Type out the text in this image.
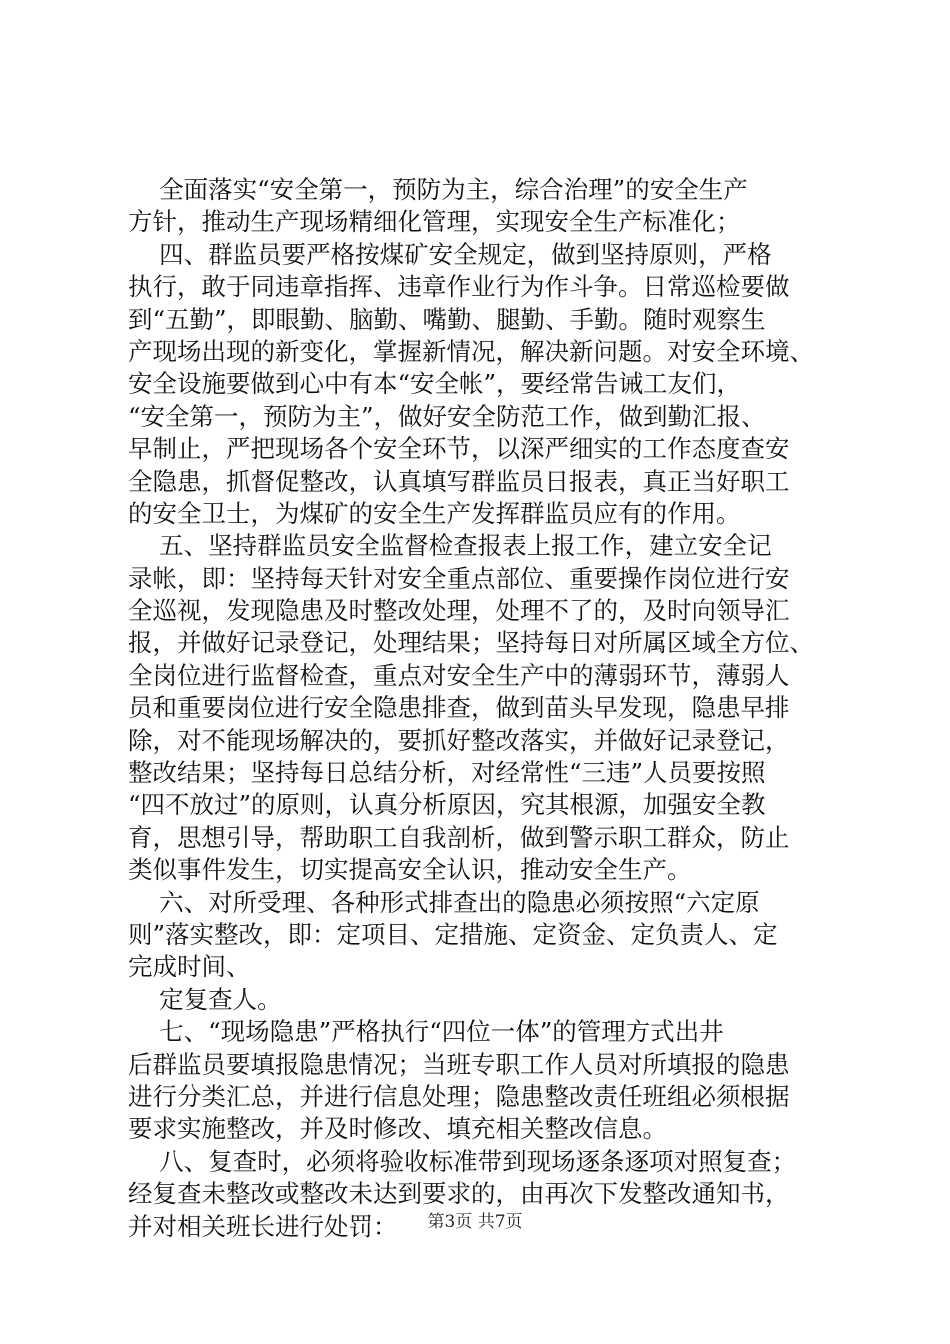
全面落实“安全第一，预防为主，综合治理”的安全生产
方针，推动生产现场精细化管理，实现安全生产标准化；
四、群监员要严格按煤矿安全规定，做到坚持原则，严格
执行，敢于同违章指挥、违章作业行为作斗争。日常巡检要做
到“五勤”，即眼勤、脑勤、嘴勤、腿勤、手勤。随时观察生
产现场出现的新变化，掌握新情况，解决新问题。对安全环境、
安全设施要做到心中有本“安全帐”，要经常告诫工友们，
“安全第一，预防为主”，做好安全防范工作，做到勤汇报、
早制止，严把现场各个安全环节，以深严细实的工作态度查安
全隐患，抓督促整改，认真填写群监员日报表，真正当好职工
的安全卫士，为煤矿的安全生产发挥群监员应有的作用。
五、坚持群监员安全监督检查报表上报工作，建立安全记
录帐，即：坚持每天针对安全重点部位、重要操作岗位进行安
全巡视，发现隐患及时整改处理，处理不了的，及时向领导汇
报，并做好记录登记，处理结果；坚持每日对所属区域全方位、
全岗位进行监督检查，重点对安全生产中的薄弱环节，薄弱人
员和重要岗位进行安全隐患排查，做到苗头早发现，隐患早排
除，对不能现场解决的，要抓好整改落实，并做好记录登记，
整改结果；坚持每日总结分析，对经常性“三违”人员要按照
“四不放过”的原则，认真分析原因，究其根源，加强安全教
育，思想引导，帮助职工自我剖析，做到警示职工群众，防止
类似事件发生，切实提高安全认识，推动安全生产。
六、对所受理、各种形式排查出的隐患必须按照“六定原
则”落实整改，即：定项目、定措施、定资金、定负责人、定
完成时间、
定复查人。
七、“现场隐患”严格执行“四位一体”的管理方式出井
后群监员要填报隐患情况；当班专职工作人员对所填报的隐患
进行分类汇总，并进行信息处理；隐患整改责任班组必须根据
要求实施整改，并及时修改、填充相关整改信息。
八、复查时，必须将验收标准带到现场逐条逐项对照复查；
经复查未整改或整改未达到要求的，由再次下发整改通知书，
并对相关班长进行处罚：	第3页 共7页
